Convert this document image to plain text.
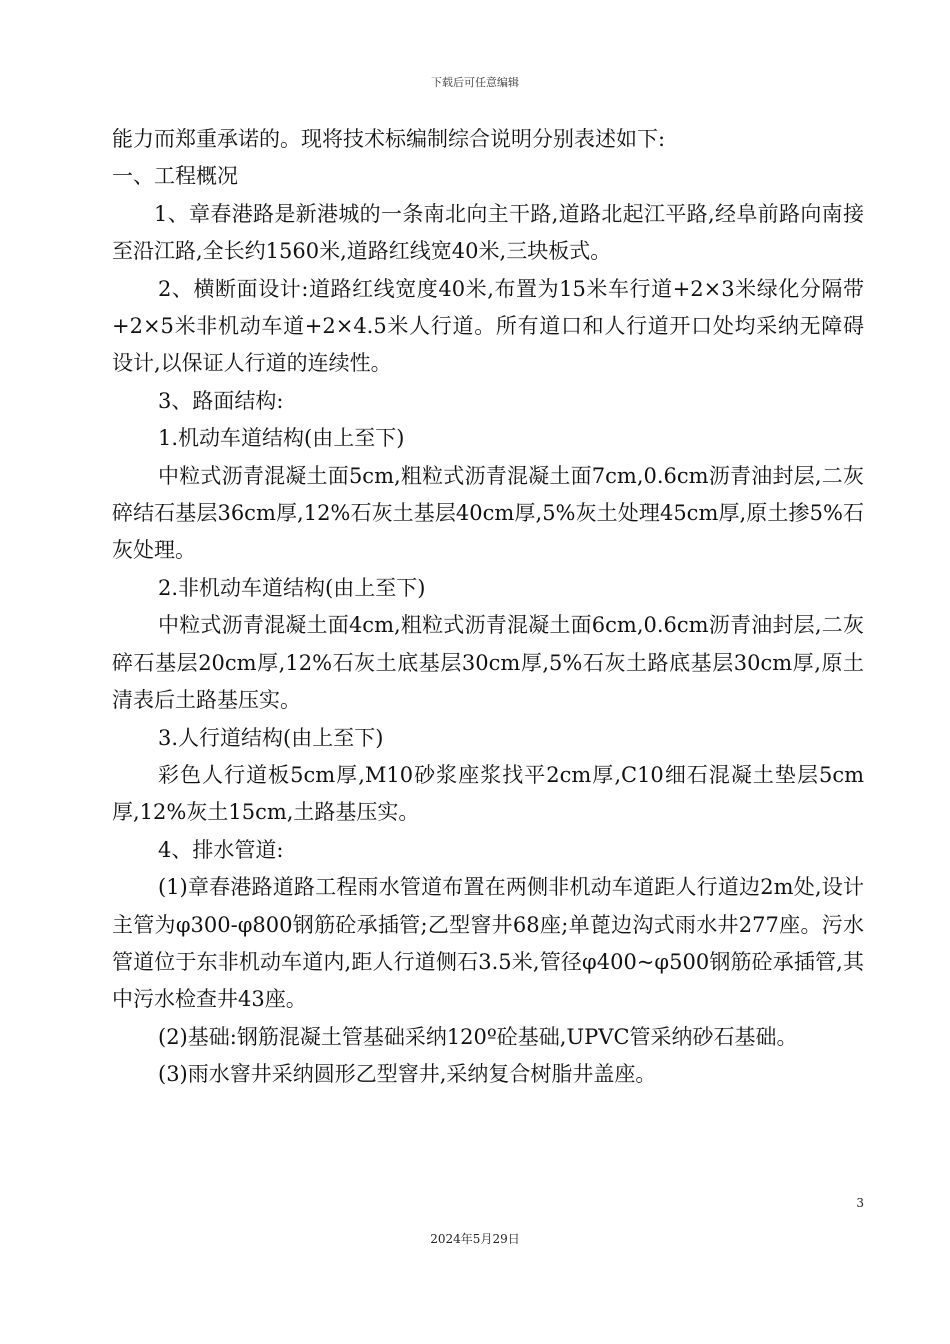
下载后可任意编辑

能力而郑重承诺的。现将技术标编制综合说明分别表述如下:

一、工程概况

1、章春港路是新港城的一条南北向主干路,道路北起江平路,经阜前路向南接至沿江路,全长约1560米,道路红线宽40米,三块板式。

2、横断面设计:道路红线宽度40米,布置为15米车行道+2×3米绿化分隔带+2×5米非机动车道+2×4.5米人行道。所有道口和人行道开口处均采纳无障碍设计,以保证人行道的连续性。

3、路面结构:

1.机动车道结构(由上至下)

中粒式沥青混凝土面5cm,粗粒式沥青混凝土面7cm,0.6cm沥青油封层,二灰碎结石基层36cm厚,12%石灰土基层40cm厚,5%灰土处理45cm厚,原土掺5%石灰处理。

2.非机动车道结构(由上至下)

中粒式沥青混凝土面4cm,粗粒式沥青混凝土面6cm,0.6cm沥青油封层,二灰碎石基层20cm厚,12%石灰土底基层30cm厚,5%石灰土路底基层30cm厚,原土清表后土路基压实。

3.人行道结构(由上至下)

彩色人行道板5cm厚,M10砂浆座浆找平2cm厚,C10细石混凝土垫层5cm厚,12%灰土15cm,土路基压实。

4、排水管道:

(1)章春港路道路工程雨水管道布置在两侧非机动车道距人行道边2m处,设计主管为φ300-φ800钢筋砼承插管;乙型窨井68座;单蓖边沟式雨水井277座。污水管道位于东非机动车道内,距人行道侧石3.5米,管径φ400~φ500钢筋砼承插管,其中污水检查井43座。

(2)基础:钢筋混凝土管基础采纳120º砼基础,UPVC管采纳砂石基础。

(3)雨水窨井采纳圆形乙型窨井,采纳复合树脂井盖座。

3
2024年5月29日
